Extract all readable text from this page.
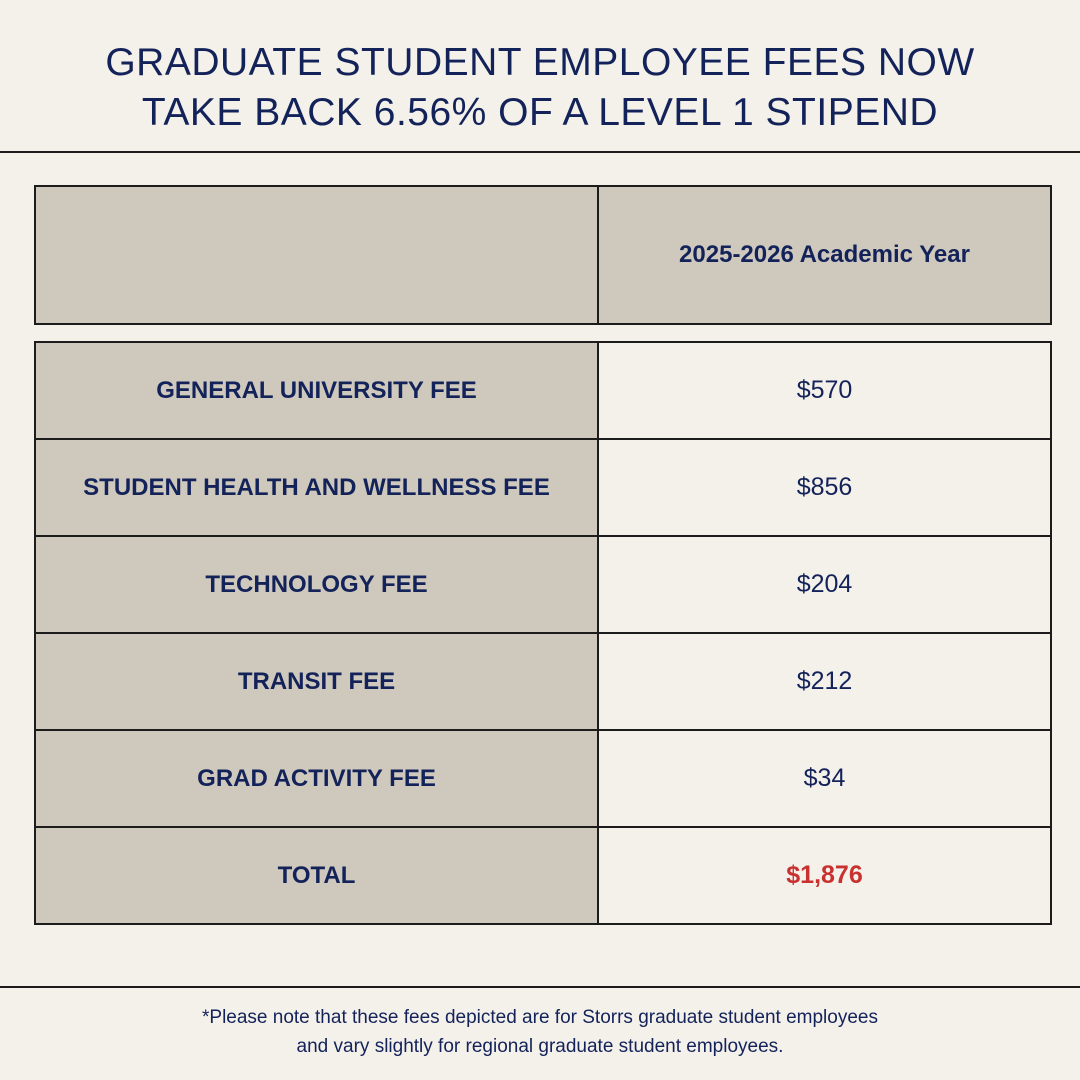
GRADUATE STUDENT EMPLOYEE FEES NOW
TAKE BACK 6.56% OF A LEVEL 1 STIPEND
	2025-2026 Academic Year
GENERAL UNIVERSITY FEE	$570
STUDENT HEALTH AND WELLNESS FEE	$856
TECHNOLOGY FEE	$204
TRANSIT FEE	$212
GRAD ACTIVITY FEE	$34
TOTAL	$1,876
*Please note that these fees depicted are for Storrs graduate student employees
and vary slightly for regional graduate student employees.
